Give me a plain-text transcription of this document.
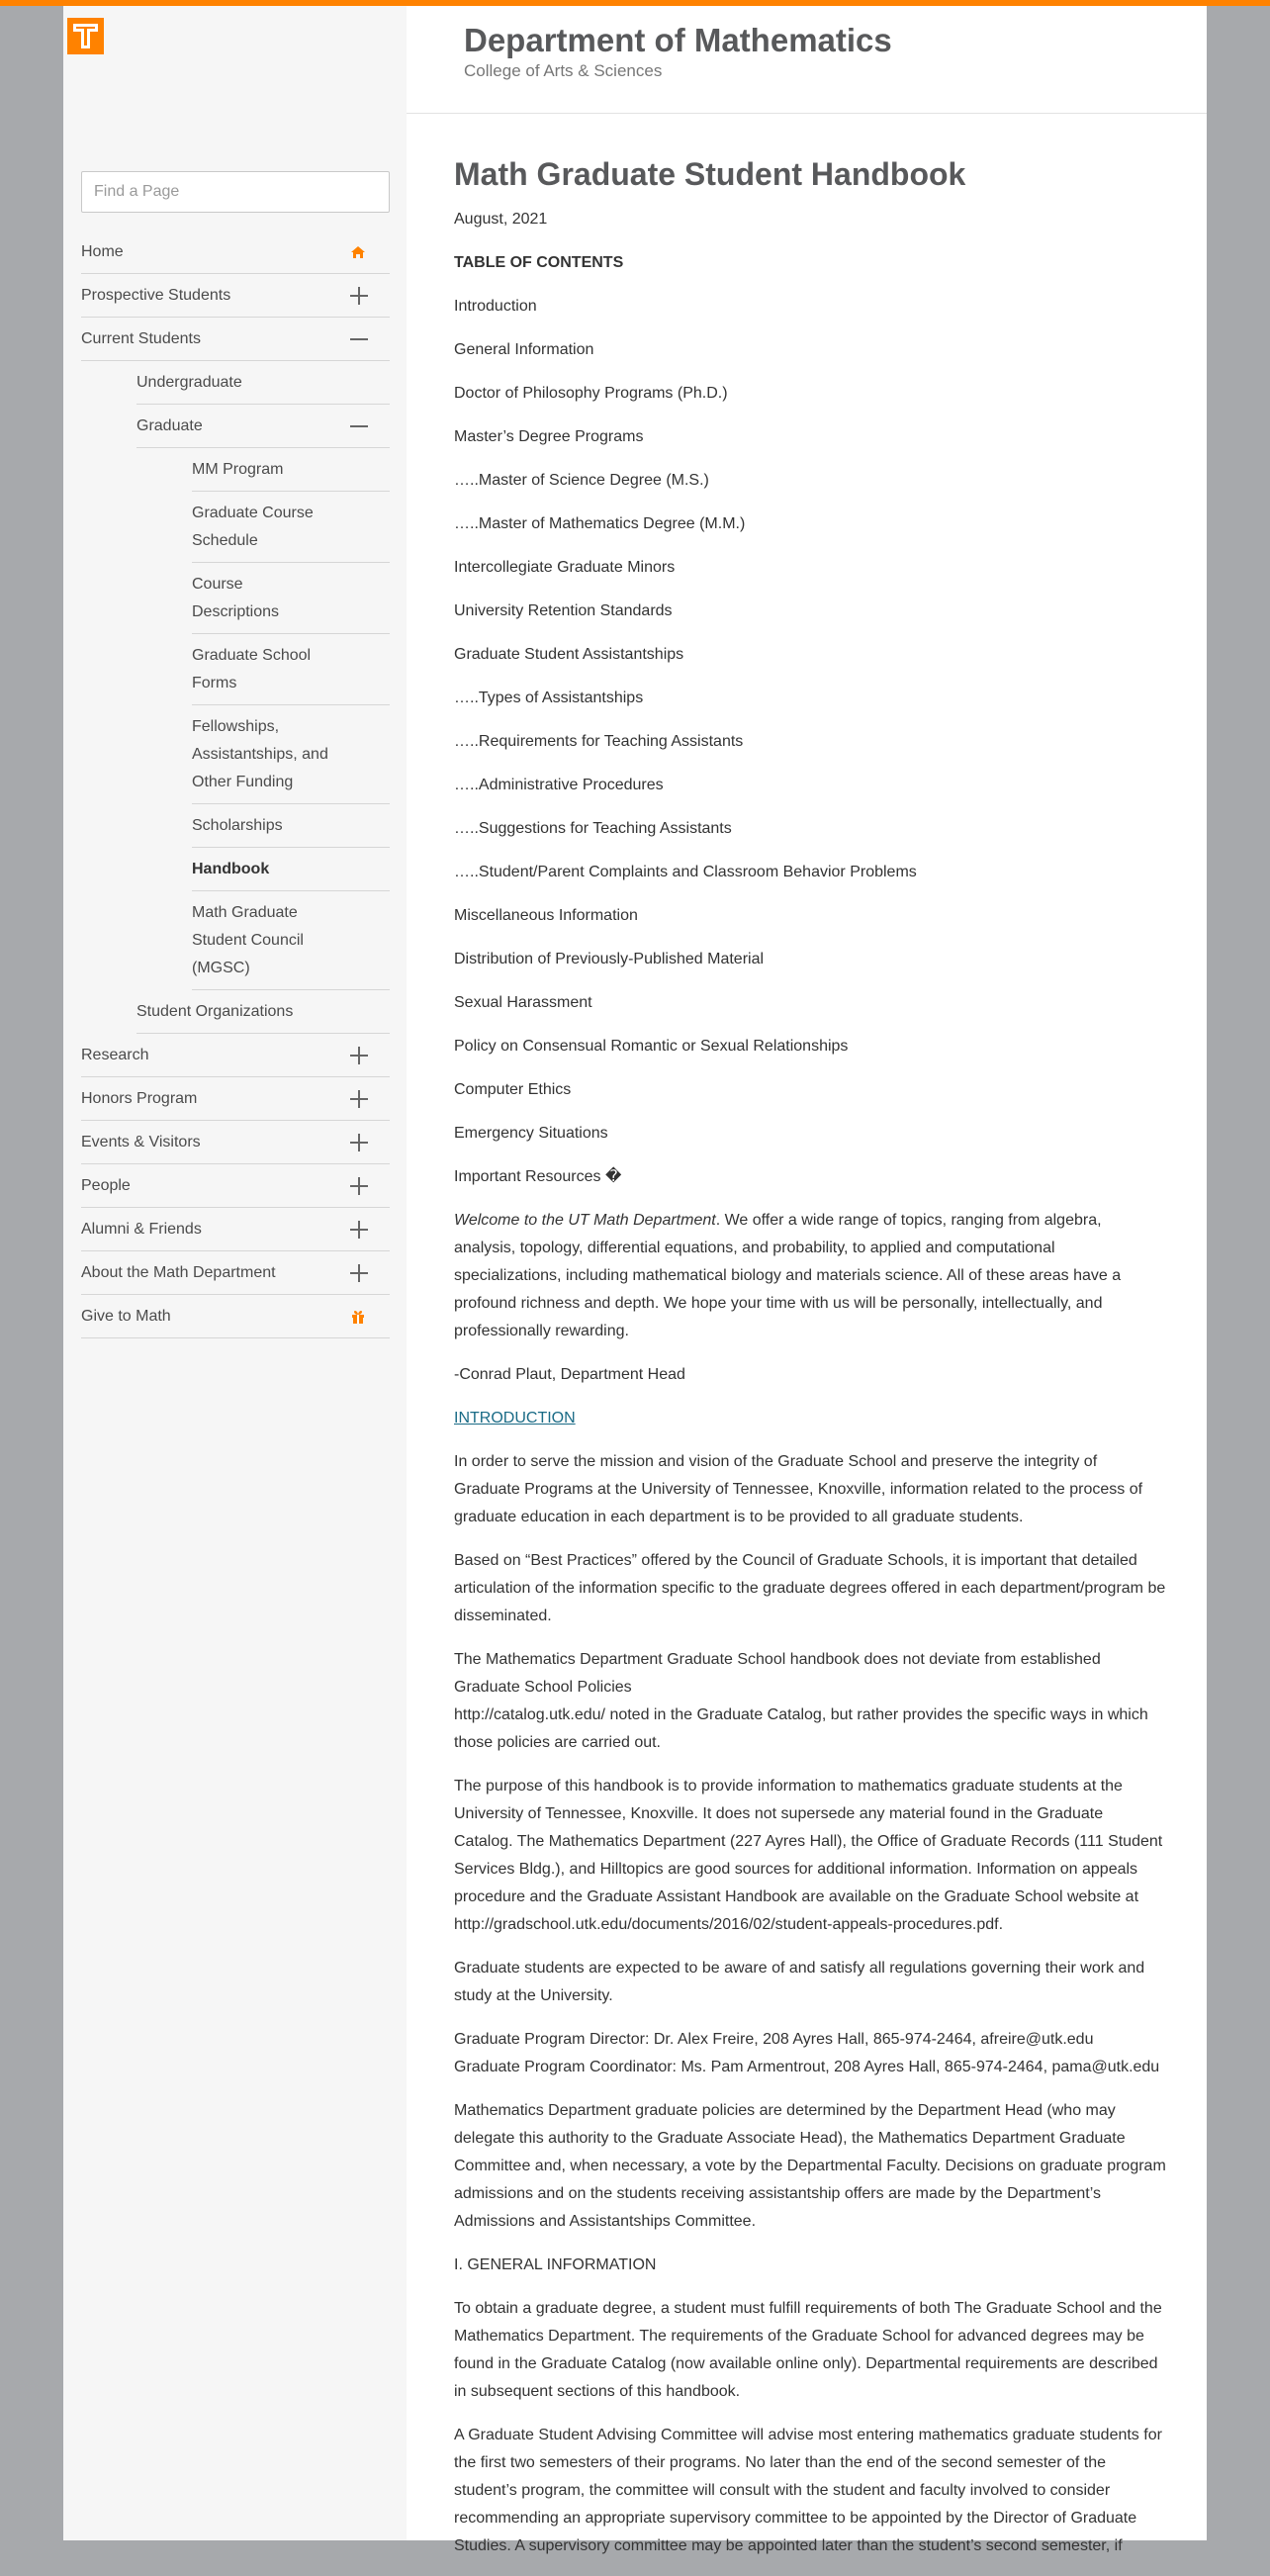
Find a Page
Home
Prospective Students
Current Students
Undergraduate
Graduate
MM Program
Graduate Course Schedule
Course Descriptions
Graduate School Forms
Fellowships, Assistantships, and Other Funding
Scholarships
Handbook
Math Graduate Student Council (MGSC)
Student Organizations
Research
Honors Program
Events & Visitors
People
Alumni & Friends
About the Math Department
Give to Math
Department of Mathematics
College of Arts & Sciences
Math Graduate Student Handbook

August, 2021

TABLE OF CONTENTS

Introduction

General Information

Doctor of Philosophy Programs (Ph.D.)

Master’s Degree Programs

…..Master of Science Degree (M.S.)

…..Master of Mathematics Degree (M.M.)

Intercollegiate Graduate Minors

University Retention Standards

Graduate Student Assistantships

…..Types of Assistantships

…..Requirements for Teaching Assistants

…..Administrative Procedures

…..Suggestions for Teaching Assistants

…..Student/Parent Complaints and Classroom Behavior Problems

Miscellaneous Information

Distribution of Previously-Published Material

Sexual Harassment

Policy on Consensual Romantic or Sexual Relationships

Computer Ethics

Emergency Situations

Important Resources �

Welcome to the UT Math Department. We offer a wide range of topics, ranging from algebra, analysis, topology, differential equations, and probability, to applied and computational specializations, including mathematical biology and materials science. All of these areas have a profound richness and depth. We hope your time with us will be personally, intellectually, and professionally rewarding.

-Conrad Plaut, Department Head

INTRODUCTION

In order to serve the mission and vision of the Graduate School and preserve the integrity of Graduate Programs at the University of Tennessee, Knoxville, information related to the process of graduate education in each department is to be provided to all graduate students.

Based on “Best Practices” offered by the Council of Graduate Schools, it is important that detailed articulation of the information specific to the graduate degrees offered in each department/program be disseminated.

The Mathematics Department Graduate School handbook does not deviate from established Graduate School Policies
http://catalog.utk.edu/ noted in the Graduate Catalog, but rather provides the specific ways in which those policies are carried out.

The purpose of this handbook is to provide information to mathematics graduate students at the University of Tennessee, Knoxville. It does not supersede any material found in the Graduate Catalog. The Mathematics Department (227 Ayres Hall), the Office of Graduate Records (111 Student Services Bldg.), and Hilltopics are good sources for additional information. Information on appeals procedure and the Graduate Assistant Handbook are available on the Graduate School website at http://gradschool.utk.edu/documents/2016/02/student-appeals-procedures.pdf.

Graduate students are expected to be aware of and satisfy all regulations governing their work and study at the University.

Graduate Program Director: Dr. Alex Freire, 208 Ayres Hall, 865-974-2464, afreire@utk.edu
Graduate Program Coordinator: Ms. Pam Armentrout, 208 Ayres Hall, 865-974-2464, pama@utk.edu

Mathematics Department graduate policies are determined by the Department Head (who may delegate this authority to the Graduate Associate Head), the Mathematics Department Graduate Committee and, when necessary, a vote by the Departmental Faculty. Decisions on graduate program admissions and on the students receiving assistantship offers are made by the Department’s Admissions and Assistantships Committee.

I. GENERAL INFORMATION

To obtain a graduate degree, a student must fulfill requirements of both The Graduate School and the Mathematics Department. The requirements of the Graduate School for advanced degrees may be found in the Graduate Catalog (now available online only). Departmental requirements are described in subsequent sections of this handbook.

A Graduate Student Advising Committee will advise most entering mathematics graduate students for the first two semesters of their programs. No later than the end of the second semester of the student’s program, the committee will consult with the student and faculty involved to consider recommending an appropriate supervisory committee to be appointed by the Director of Graduate Studies. A supervisory committee may be appointed later than the student’s second semester, if
